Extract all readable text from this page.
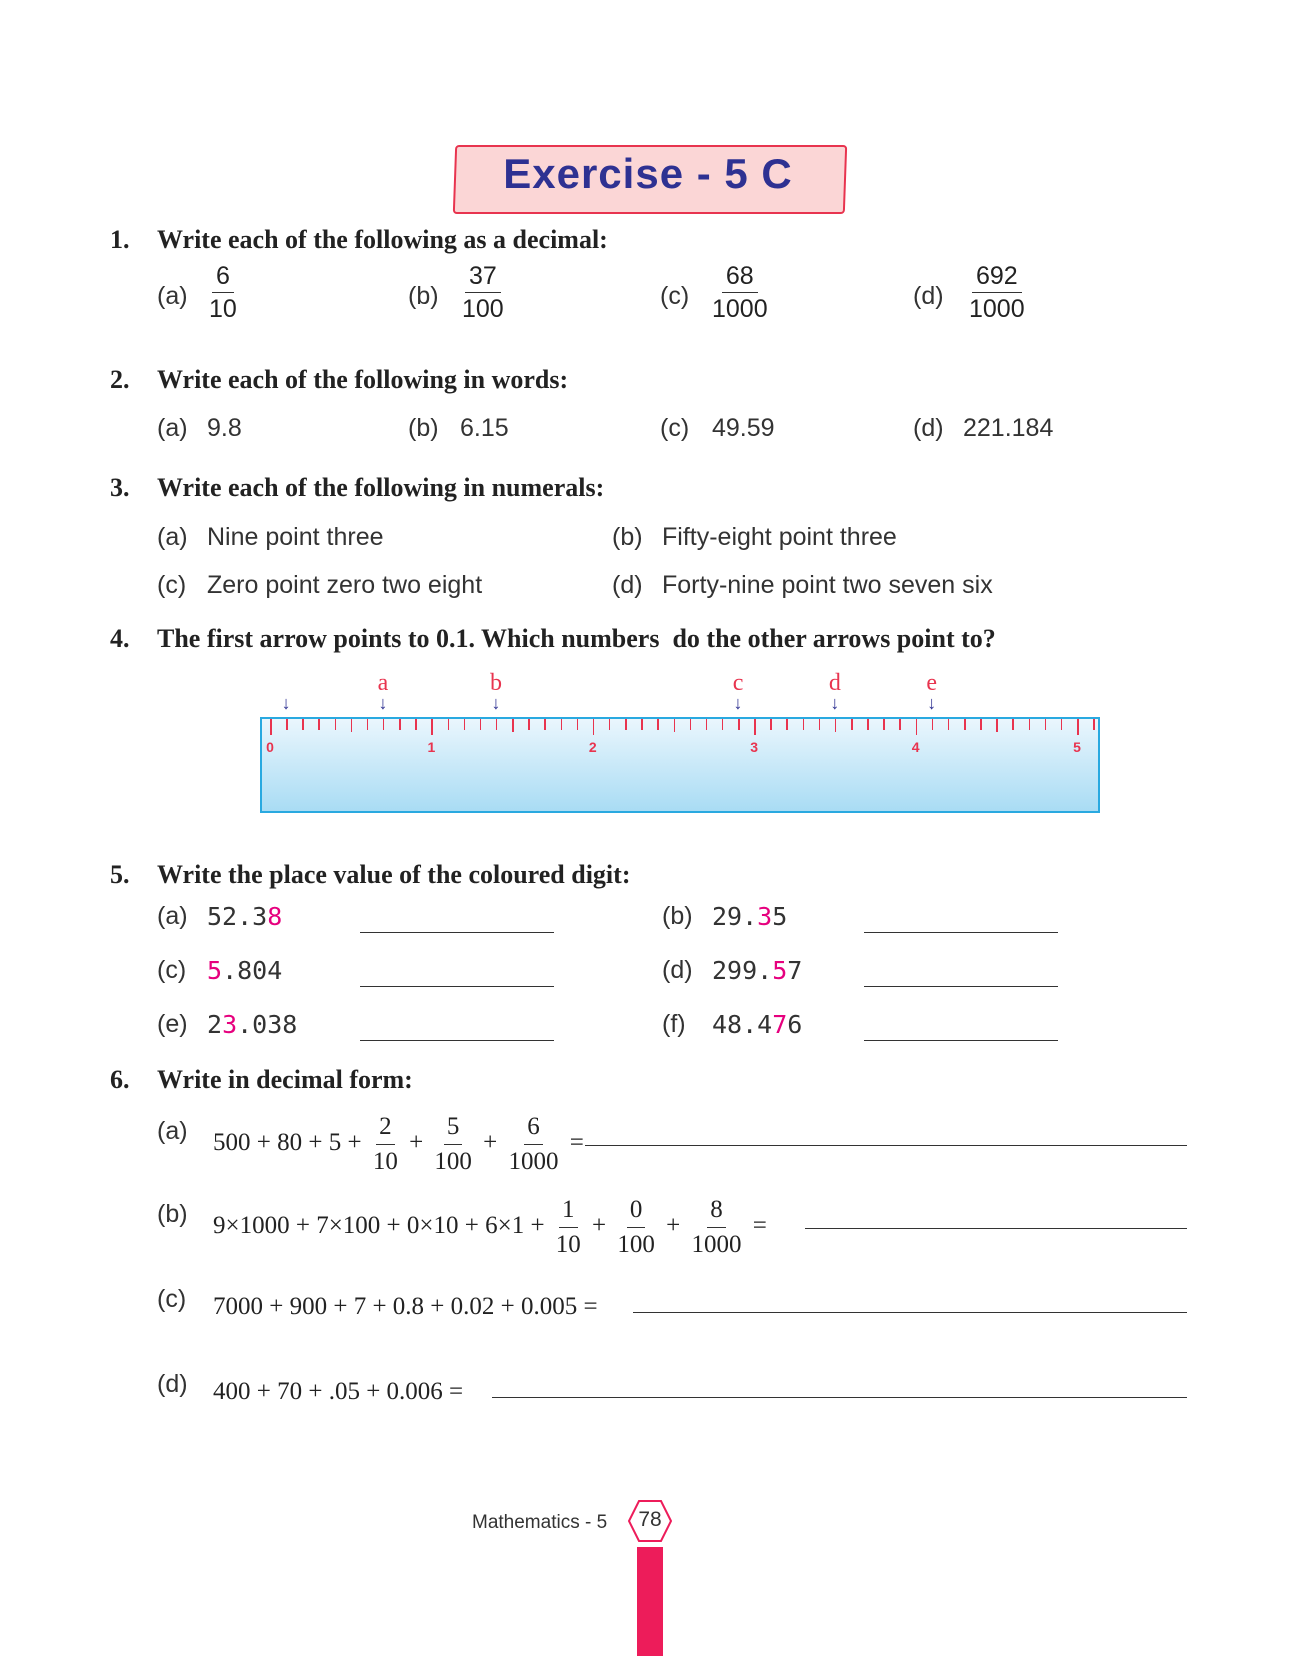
Exercise - 5 C
1. Write each of the following as a decimal:
$(a) \frac{6}{10}$	$(b) \frac{37}{100}$	$(c) \frac{68}{1000}$	$(d) \frac{692}{1000}$
2. Write each of the following in words:
(a) 9.8	(b) 6.15	(c) 49.59	(d) 221.184
3. Write each of the following in numerals:
(a) Nine point three	(b) Fifty-eight point three
(c) Zero point zero two eight	(d) Forty-nine point two seven six
4. The first arrow points to 0.1. Which numbers  do the other arrows point to?
↓	↓
a
↓
b
↓
c
↓
d
↓
e
0	1	2	3	4	5
5. Write the place value of the coloured digit:
(a) 52.38	(b) 29.35
(c) 5.804	(d) 299.57
(e) 23.038	(f) 48.476
6. Write in decimal form:
(a) $500 + 80 + 5 + \frac{2}{10} + \frac{5}{100} + \frac{6}{1000}$ =
(b) $9\times 1000 + 7\times 100 + 0\times 10 + 6\times 1 + \frac{1}{10} + \frac{0}{100} + \frac{8}{1000}$ =
(c) 7000 + 900 + 7 + 0.8 + 0.02 + 0.005 =
(d) 400 + 70 + .05 + 0.006 =
Mathematics - 5	78
